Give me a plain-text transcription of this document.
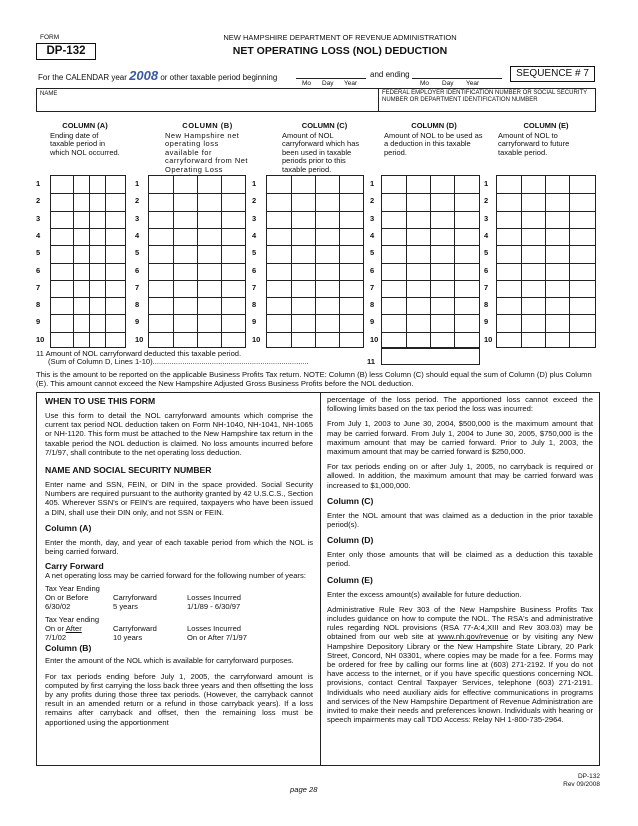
FORM
DP-132
NEW HAMPSHIRE DEPARTMENT OF REVENUE ADMINISTRATION
NET OPERATING LOSS (NOL) DEDUCTION
For the CALENDAR year 2008 or other taxable period beginning
Mo Day Year
and ending
Mo Day Year
SEQUENCE # 7
NAME	FEDERAL EMPLOYER IDENTIFICATION NUMBER OR SOCIAL SECURITY NUMBER OR DEPARTMENT IDENTIFICATION NUMBER
COLUMN (A)
Ending date of taxable period in which NOL occurred.
COLUMN (B)
New Hampshire net operating loss available for carryforward from Net Operating Loss
COLUMN (C)
Amount of NOL carryforward which has been used in taxable periods prior to this taxable period.
COLUMN (D)
Amount of NOL to be used as a deduction in this taxable period.
COLUMN (E)
Amount of NOL to carryforward to future taxable period.
1	1	1	1	1
2	2	2	2	2
3	3	3	3	3
4	4	4	4	4
5	5	5	5	5
6	6	6	6	6
7	7	7	7	7
8	8	8	8	8
9	9	9	9	9
10	10	10	10	10
11 Amount of NOL carryforward deducted this taxable period.
(Sum of Column D, Lines 1-10)..........................................................................	11
This is the amount to be reported on the applicable Business Profits Tax return. NOTE: Column (B) less Column (C) should equal the sum of Column (D) plus Column (E). This amount cannot exceed the New Hampshire Adjusted Gross Business Profits before the NOL deduction.
WHEN TO USE THIS FORM

Use this form to detail the NOL carryforward amounts which comprise the current tax period NOL deduction taken on Form NH-1040, NH-1041, NH-1065 or NH-1120. This form must be attached to the New Hampshire tax return in the taxable period the NOL deduction is claimed. No loss amounts incurred before 7/1/97, shall contribute to the net operating loss deduction.

NAME AND SOCIAL SECURITY NUMBER

Enter name and SSN, FEIN, or DIN in the space provided. Social Security Numbers are required pursuant to the authority granted by 42 U.S.C.S., Section 405. Wherever SSN's or FEIN's are required, taxpayers who have been issued a DIN, shall use their DIN only, and not SSN or FEIN.

Column (A)

Enter the month, day, and year of each taxable period from which the NOL is being carried forward.

Carry Forward

A net operating loss may be carried forward for the following number of years:

Tax Year Ending		
On or Before	Carryforward	Losses Incurred
6/30/02	5 years	1/1/89 - 6/30/97
Tax Year ending		
On or After	Carryforward	Losses Incurred
7/1/02	10 years	On or After 7/1/97
Column (B)

Enter the amount of the NOL which is available for carryforward purposes.

For tax periods ending before July 1, 2005, the carryforward amount is computed by first carrying the loss back three years and then offsetting the loss by any profits during those three tax periods. (However, the carryback cannot result in an amended return or a refund in those carryback years). If a loss remains after carryback and offset, then the remaining loss must be apportioned using the apportionment

percentage of the loss period. The apportioned loss cannot exceed the following limits based on the tax period the loss was incurred:

From July 1, 2003 to June 30, 2004, $500,000 is the maximum amount that may be carried forward. From July 1, 2004 to June 30, 2005, $750,000 is the maximum amount that may be carried forward. Prior to July 1, 2003, the maximum amount that may be carried forward is $250,000.

For tax periods ending on or after July 1, 2005, no carryback is required or allowed. In addition, the maximum amount that may be carried forward was increased to $1,000,000.

Column (C)

Enter the NOL amount that was claimed as a deduction in the prior taxable period(s).

Column (D)

Enter only those amounts that will be claimed as a deduction this taxable period.

Column (E)

Enter the excess amount(s) available for future deduction.

Administrative Rule Rev 303 of the New Hampshire Business Profits Tax includes guidance on how to compute the NOL. The RSA's and administrative rules regarding NOL provisions (RSA 77-A:4,XIII and Rev 303.03) may be obtained from our web site at www.nh.gov/revenue or by visiting any New Hampshire Depository Library or the New Hampshire State Library, 20 Park Street, Concord, NH 03301, where copies may be made for a fee. Forms may be ordered for free by calling our forms line at (603) 271-2192. If you do not have access to the internet, or if you have specific questions concerning NOL provisions, contact Central Taxpayer Services, telephone (603) 271-2191. Individuals who need auxiliary aids for effective communications in programs and services of the New Hampshire Department of Revenue Administration are invited to make their needs and preferences known. Individuals with hearing or speech impairments may call TDD Access: Relay NH 1-800-735-2964.

page 28
DP-132
Rev 09/2008
